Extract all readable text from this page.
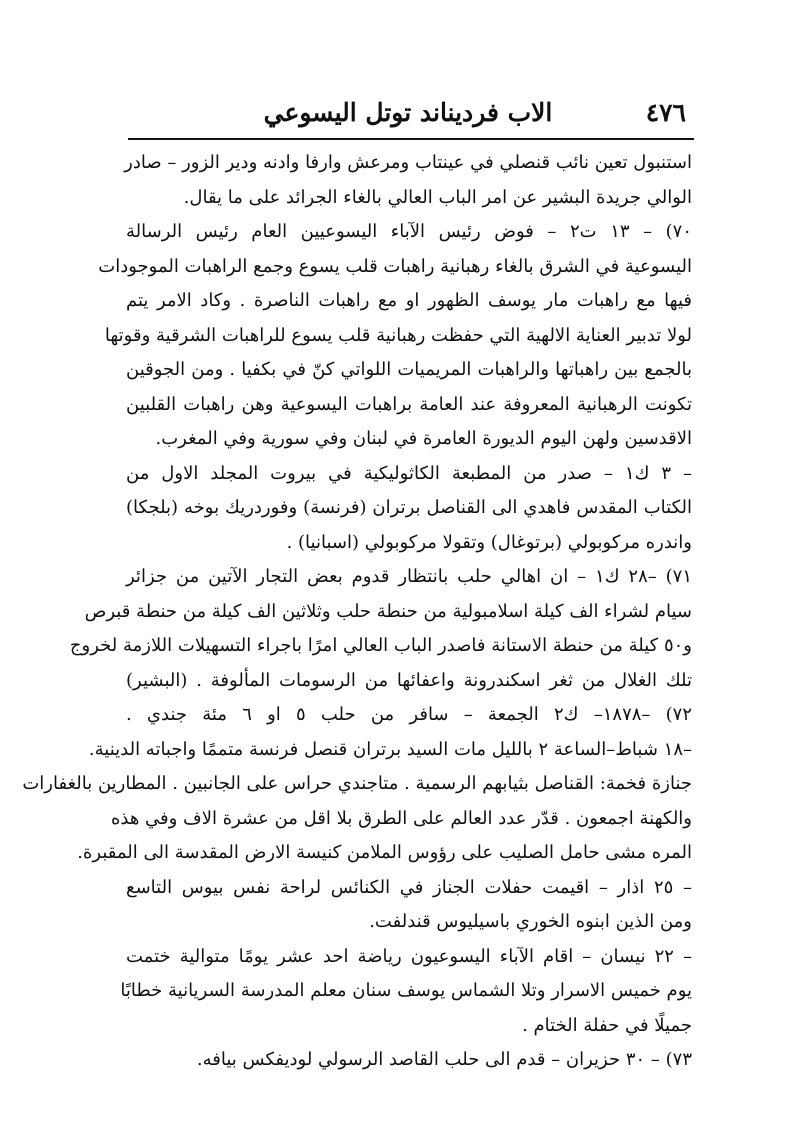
٤٧٦
الاب فرديناند توتل اليسوعي
استنبول تعين نائب قنصلي في عينتاب ومرعش وارفا وادنه ودير الزور – صادر
الوالي جريدة البشير عن امر الباب العالي بالغاء الجرائد على ما يقال.
٧٠) – ١٣ ت٢ – فوض رئيس الآباء اليسوعيين العام رئيس الرسالة
اليسوعية في الشرق بالغاء رهبانية راهبات قلب يسوع وجمع الراهبات الموجودات
فيها مع راهبات مار يوسف الظهور او مع راهبات الناصرة . وكاد الامر يتم
لولا تدبير العناية الالهية التي حفظت رهبانية قلب يسوع للراهبات الشرقية وقوتها
بالجمع بين راهباتها والراهبات المريميات اللواتي كنّ في بكفيا . ومن الجوقين
تكونت الرهبانية المعروفة عند العامة براهبات اليسوعية وهن راهبات القلبين
الاقدسين ولهن اليوم الديورة العامرة في لبنان وفي سورية وفي المغرب.
– ٣ ك١ – صدر من المطبعة الكاثوليكية في بيروت المجلد الاول من
الكتاب المقدس فاهدي الى القناصل برتران (فرنسة) وفوردريك بوخه (بلجكا)
واندره مركوبولي (برتوغال) وتقولا مركوبولي (اسبانيا) .
٧١) –٢٨ ك١ – ان اهالي حلب بانتظار قدوم بعض التجار الآتين من جزائر
سيام لشراء الف كيلة اسلامبولية من حنطة حلب وثلاثين الف كيلة من حنطة قبرص
و٥٠ كيلة من حنطة الاستانة فاصدر الباب العالي امرًا باجراء التسهيلات اللازمة لخروج
تلك الغلال من ثغر اسكندرونة واعفائها من الرسومات المألوفة . (البشير)
٧٢) –١٨٧٨– ك٢ الجمعة – سافر من حلب ٥ او ٦ مئة جندي .
–١٨ شباط–الساعة ٢ بالليل مات السيد برتران قنصل فرنسة متممًا واجباته الدينية.
جنازة فخمة: القناصل بثيابهم الرسمية . متاجندي حراس على الجانبين . المطارين بالغفارات
والكهنة اجمعون . قدّر عدد العالم على الطرق بلا اقل من عشرة الاف وفي هذه
المره مشى حامل الصليب على رؤوس الملامن كنيسة الارض المقدسة الى المقبرة.
– ٢٥ اذار – اقيمت حفلات الجناز في الكنائس لراحة نفس بيوس التاسع
ومن الذين ابنوه الخوري باسيليوس قندلفت.
– ٢٢ نيسان – اقام الآباء اليسوعيون رياضة احد عشر يومًا متوالية ختمت
يوم خميس الاسرار وتلا الشماس يوسف سنان معلم المدرسة السريانية خطابًا
جميلًا في حفلة الختام .
٧٣) – ٣٠ حزيران – قدم الى حلب القاصد الرسولي لوديفكس بيافه.
